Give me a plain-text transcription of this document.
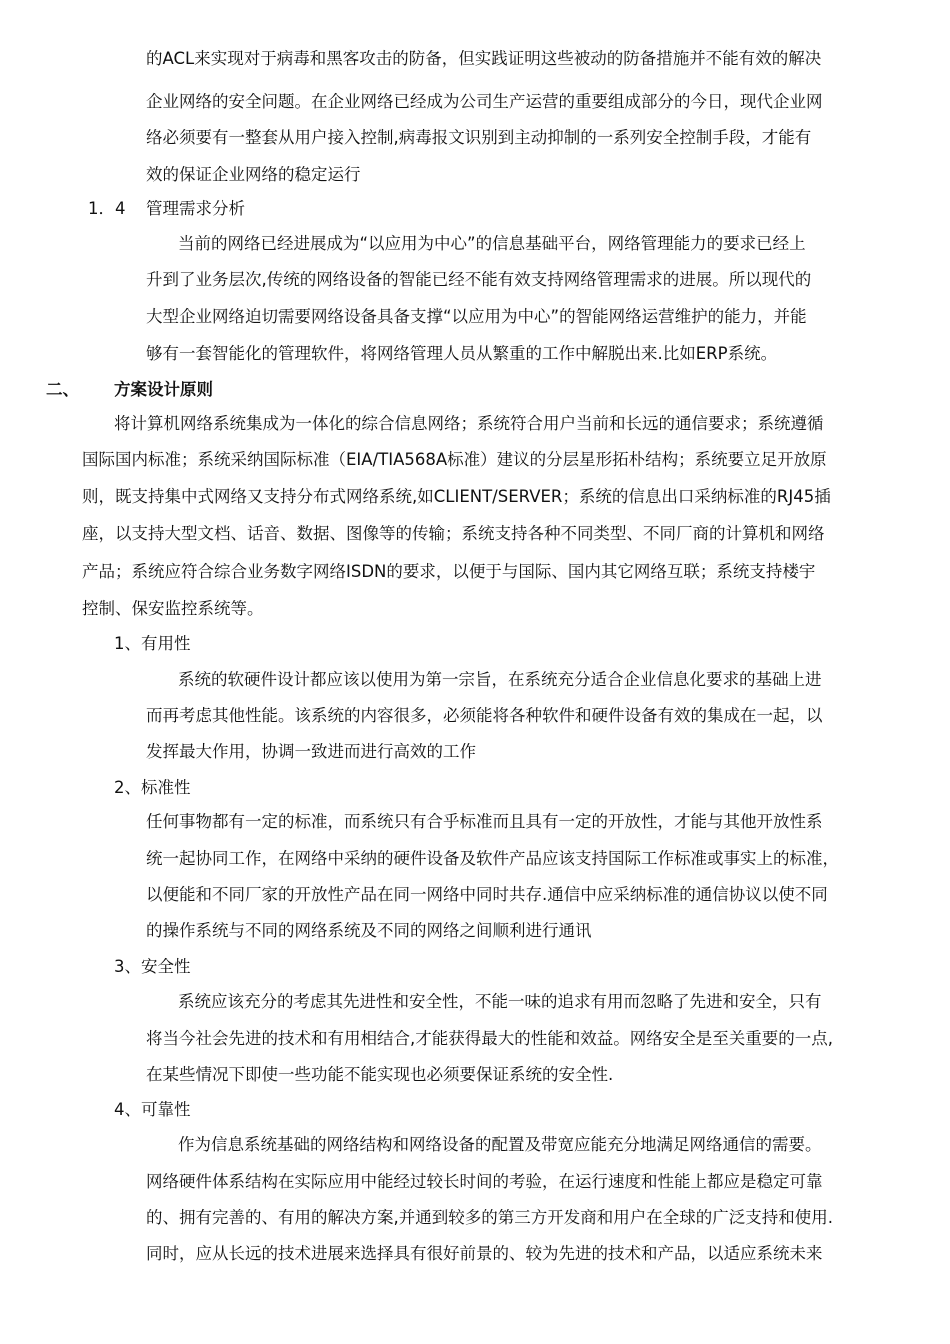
的ACL来实现对于病毒和黑客攻击的防备，但实践证明这些被动的防备措施并不能有效的解决
企业网络的安全问题。在企业网络已经成为公司生产运营的重要组成部分的今日，现代企业网
络必须要有一整套从用户接入控制,病毒报文识别到主动抑制的一系列安全控制手段，才能有
效的保证企业网络的稳定运行
1．4 管理需求分析
当前的网络已经进展成为“以应用为中心”的信息基础平台，网络管理能力的要求已经上
升到了业务层次,传统的网络设备的智能已经不能有效支持网络管理需求的进展。所以现代的
大型企业网络迫切需要网络设备具备支撑“以应用为中心”的智能网络运营维护的能力，并能
够有一套智能化的管理软件，将网络管理人员从繁重的工作中解脱出来.比如ERP系统。
二、 方案设计原则
将计算机网络系统集成为一体化的综合信息网络；系统符合用户当前和长远的通信要求；系统遵循
国际国内标准；系统采纳国际标准（EIA/TIA568A标准）建议的分层星形拓朴结构；系统要立足开放原
则，既支持集中式网络又支持分布式网络系统,如CLIENT/SERVER；系统的信息出口采纳标准的RJ45插
座，以支持大型文档、话音、数据、图像等的传输；系统支持各种不同类型、不同厂商的计算机和网络
产品；系统应符合综合业务数字网络ISDN的要求，以便于与国际、国内其它网络互联；系统支持楼宇
控制、保安监控系统等。
1、有用性
系统的软硬件设计都应该以使用为第一宗旨，在系统充分适合企业信息化要求的基础上进
而再考虑其他性能。该系统的内容很多，必须能将各种软件和硬件设备有效的集成在一起，以
发挥最大作用，协调一致进而进行高效的工作
2、标准性
任何事物都有一定的标准，而系统只有合乎标准而且具有一定的开放性，才能与其他开放性系
统一起协同工作，在网络中采纳的硬件设备及软件产品应该支持国际工作标准或事实上的标准，
以便能和不同厂家的开放性产品在同一网络中同时共存.通信中应采纳标准的通信协议以使不同
的操作系统与不同的网络系统及不同的网络之间顺利进行通讯
3、安全性
系统应该充分的考虑其先进性和安全性，不能一味的追求有用而忽略了先进和安全，只有
将当今社会先进的技术和有用相结合,才能获得最大的性能和效益。网络安全是至关重要的一点,
在某些情况下即使一些功能不能实现也必须要保证系统的安全性.
4、可靠性
作为信息系统基础的网络结构和网络设备的配置及带宽应能充分地满足网络通信的需要。
网络硬件体系结构在实际应用中能经过较长时间的考验，在运行速度和性能上都应是稳定可靠
的、拥有完善的、有用的解决方案,并通到较多的第三方开发商和用户在全球的广泛支持和使用.
同时，应从长远的技术进展来选择具有很好前景的、较为先进的技术和产品，以适应系统未来
